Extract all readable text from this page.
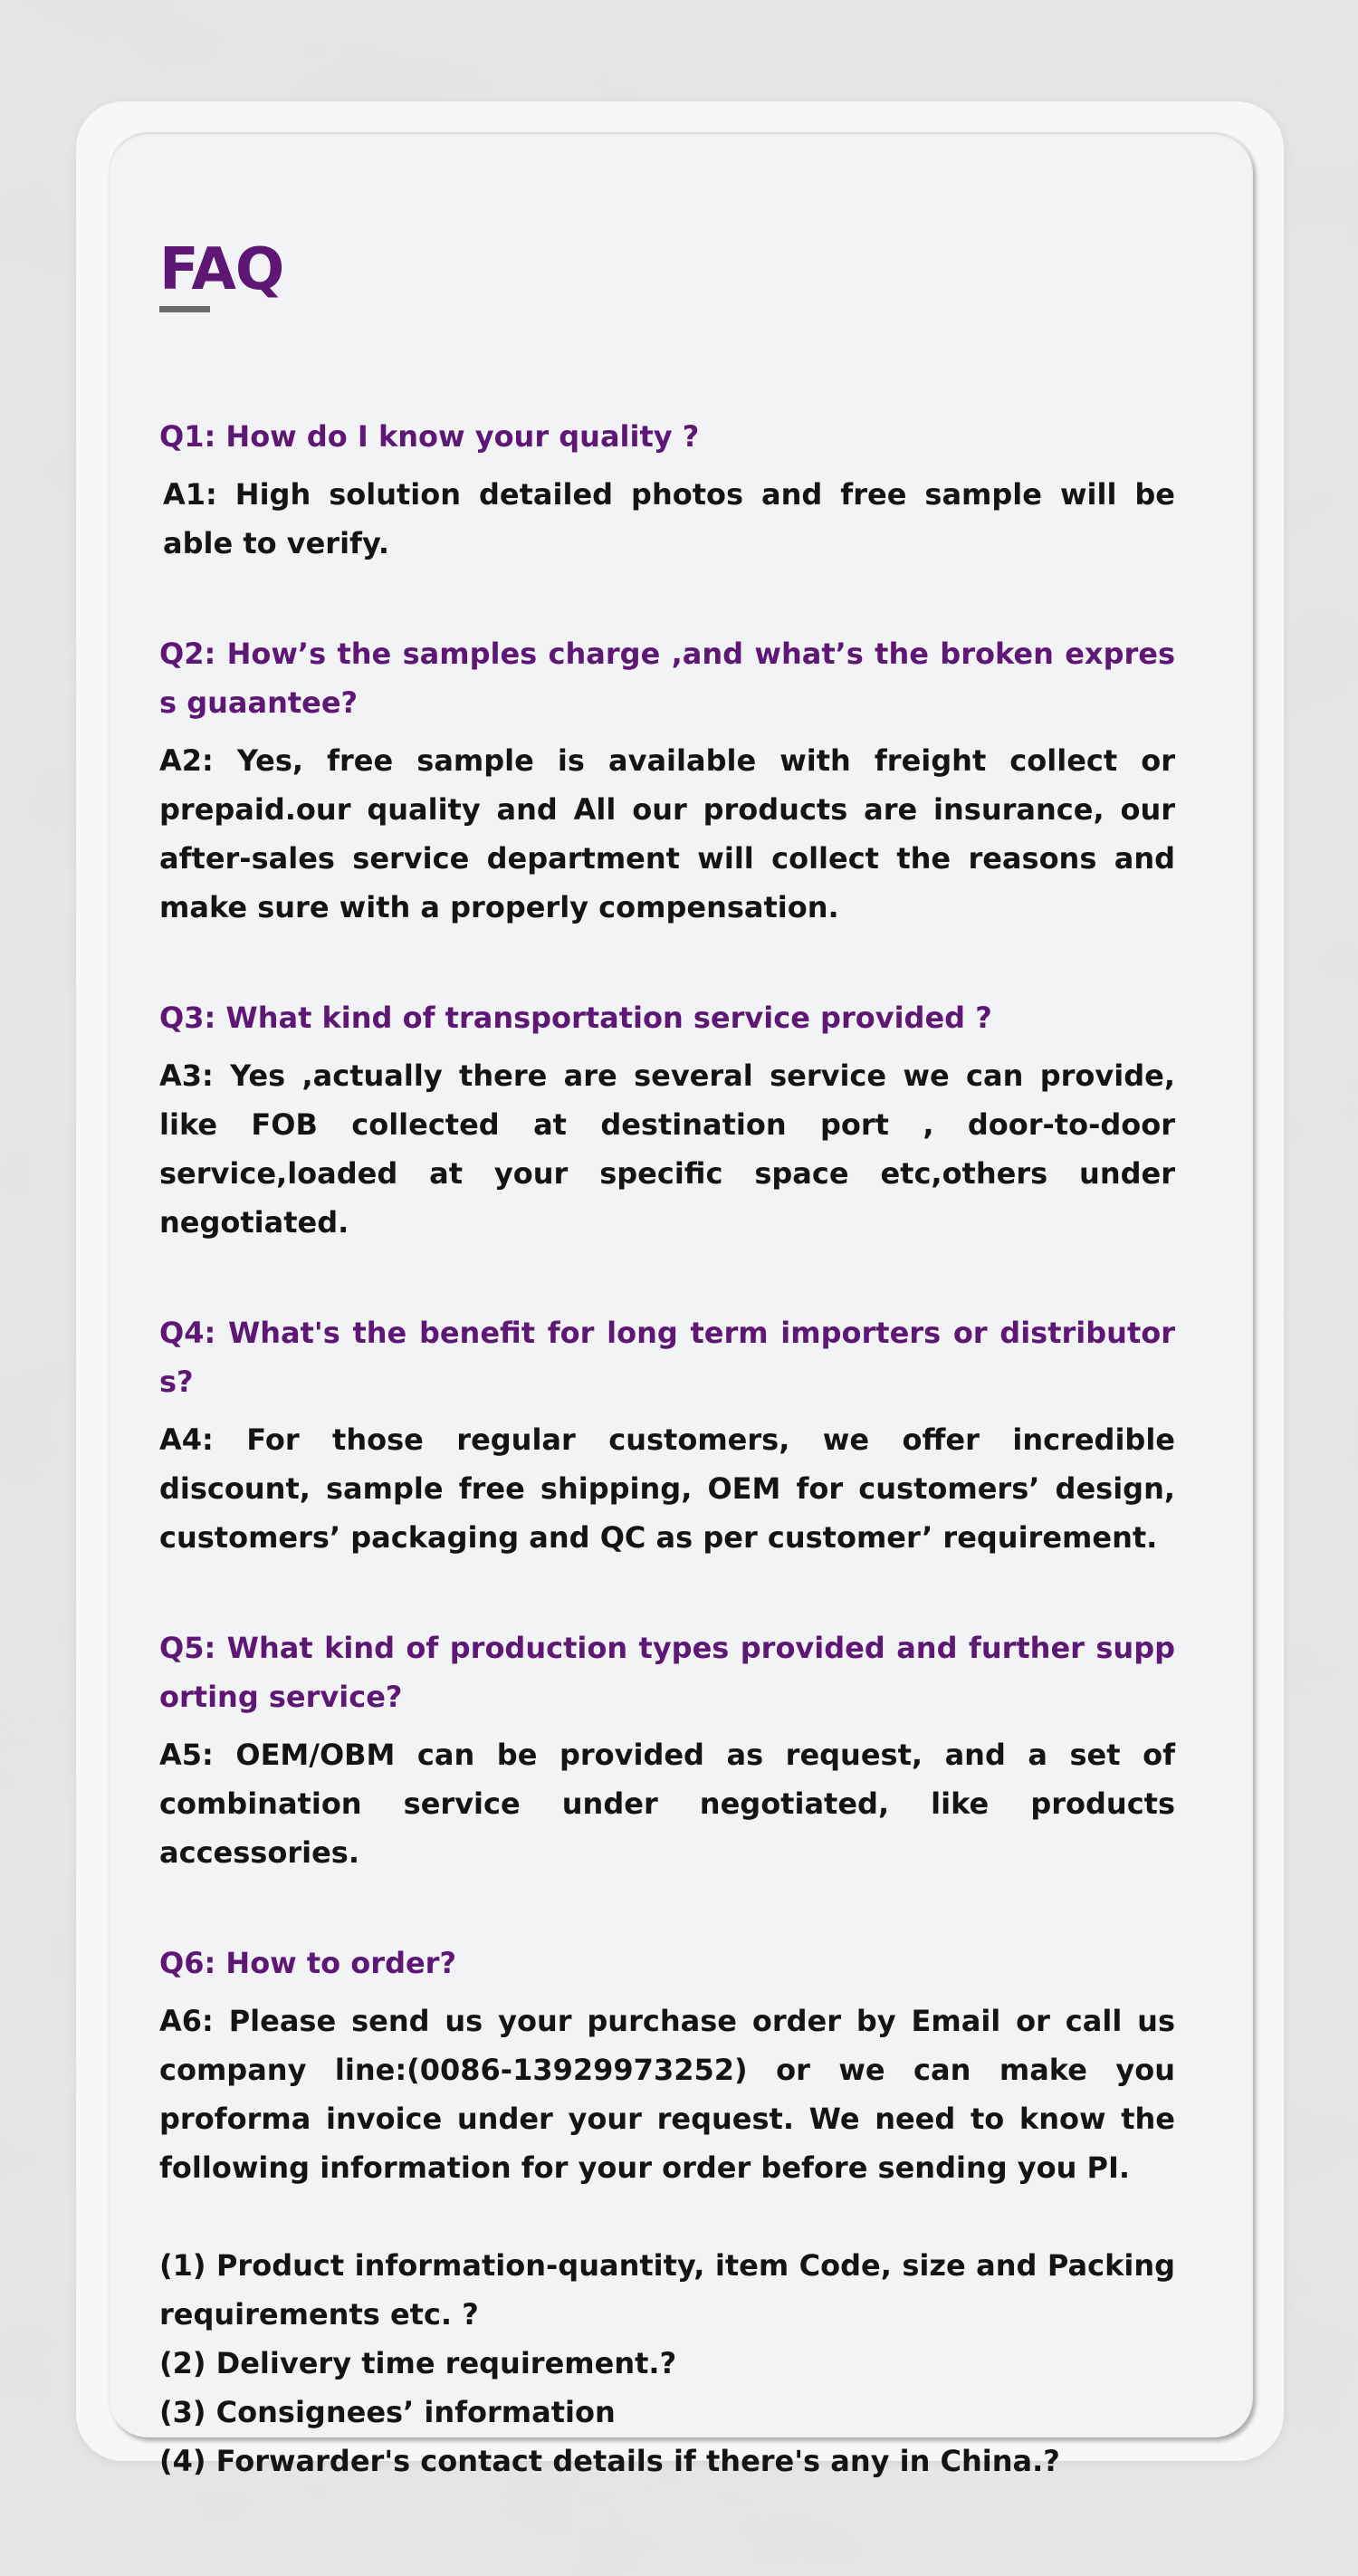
FAQ

Q1: How do I know your quality ?

A1: High solution detailed photos and free sample will be able to verify.

Q2: How’s the samples charge ,and what’s the broken express guaantee?

A2: Yes, free sample is available with freight collect or prepaid.our quality and All our products are insurance, our after-sales service department will collect the reasons and make sure with a properly compensation.

Q3: What kind of transportation service provided ?

A3: Yes ,actually there are several service we can provide, like FOB collected at destination port , door-to-door service,loaded at your specific space etc,others under negotiated.

Q4: What's the benefit for long term importers or distributors?

A4: For those regular customers, we offer incredible discount, sample free shipping, OEM for customers’ design, customers’ packaging and QC as per customer’ requirement.

Q5: What kind of production types provided and further supporting service?

A5: OEM/OBM can be provided as request, and a set of combination service under negotiated, like products accessories.

Q6: How to order?

A6: Please send us your purchase order by Email or call us company line:(0086-13929973252) or we can make you proforma invoice under your request. We need to know the following information for your order before sending you PI.

(1) Product information-quantity, item Code, size and Packing requirements etc. ?

(2) Delivery time requirement.?

(3) Consignees’ information

(4) Forwarder's contact details if there's any in China.?
